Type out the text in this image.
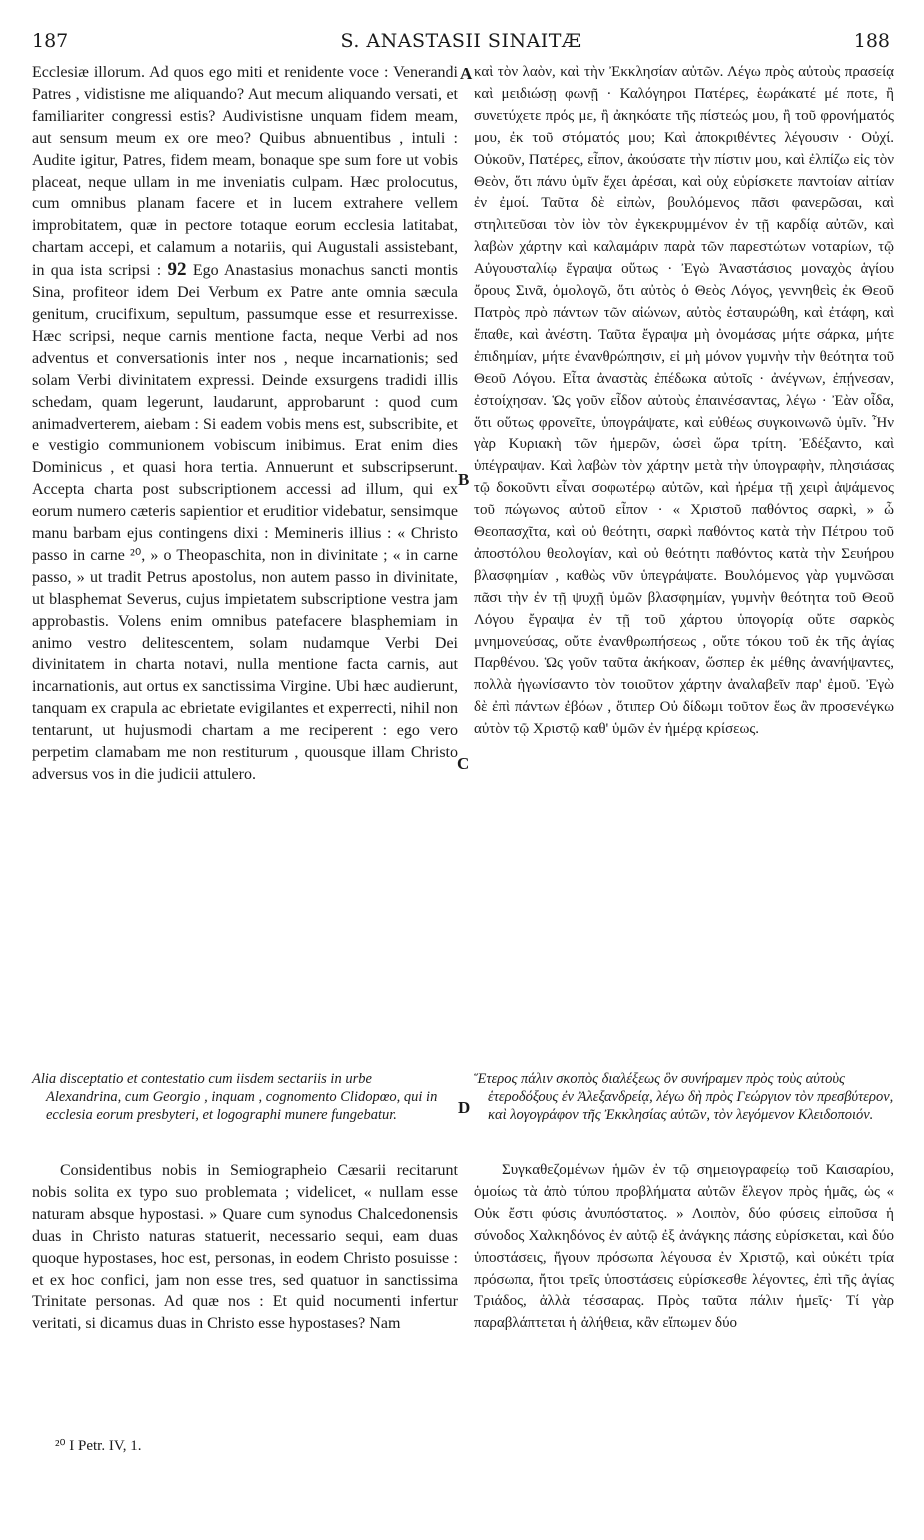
187	S. ANASTASII SINAITÆ	188
A
B
C
D

Ecclesiæ illorum. Ad quos ego miti et renidente voce : Venerandi Patres , vidistisne me aliquando? Aut mecum aliquando versati, et familiariter congressi estis? Audivistisne unquam fidem meam, aut sensum meum ex ore meo? Quibus abnuentibus , intuli : Audite igitur, Patres, fidem meam, bonaque spe sum fore ut vobis placeat, neque ullam in me inveniatis culpam. Hæc prolocutus, cum omnibus planam facere et in lucem extrahere vellem improbitatem, quæ in pectore totaque eorum ecclesia latitabat, chartam accepi, et calamum a notariis, qui Augustali assistebant, in qua ista scripsi : 92 Ego Anastasius monachus sancti montis Sina, profiteor idem Dei Verbum ex Patre ante omnia sæcula genitum, crucifixum, sepultum, passumque esse et resurrexisse. Hæc scripsi, neque carnis mentione facta, neque Verbi ad nos adventus et conversationis inter nos , neque incarnationis; sed solam Verbi divinitatem expressi. Deinde exsurgens tradidi illis schedam, quam legerunt, laudarunt, approbarunt : quod cum animadverterem, aiebam : Si eadem vobis mens est, subscribite, et e vestigio communionem vobiscum inibimus. Erat enim dies Dominicus , et quasi hora tertia. Annuerunt et subscripserunt. Accepta charta post subscriptionem accessi ad illum, qui ex eorum numero cæteris sapientior et eruditior videbatur, sensimque manu barbam ejus contingens dixi : Memineris illius : « Christo passo in carne ²⁰, » o Theopaschita, non in divinitate ; « in carne passo, » ut tradit Petrus apostolus, non autem passo in divinitate, ut blasphemat Severus, cujus impietatem subscriptione vestra jam approbastis. Volens enim omnibus patefacere blasphemiam in animo vestro delitescentem, solam nudamque Verbi Dei divinitatem in charta notavi, nulla mentione facta carnis, aut incarnationis, aut ortus ex sanctissima Virgine. Ubi hæc audierunt, tanquam ex crapula ac ebrietate evigilantes et experrecti, nihil non tentarunt, ut hujusmodi chartam a me reciperent : ego vero perpetim clamabam me non restiturum , quousque illam Christo adversus vos in die judicii attulero.

καὶ τὸν λαὸν, καὶ τὴν Ἐκκλησίαν αὐτῶν. Λέγω πρὸς αὐτοὺς πρασείᾳ καὶ μειδιώσῃ φωνῇ · Καλόγηροι Πατέρες, ἑωράκατέ μέ ποτε, ἢ συνετύχετε πρός με, ἢ ἀκηκόατε τῆς πίστεώς μου, ἢ τοῦ φρονήματός μου, ἐκ τοῦ στόματός μου; Καὶ ἀποκριθέντες λέγουσιν · Οὐχί. Οὐκοῦν, Πατέρες, εἶπον, ἀκούσατε τὴν πίστιν μου, καὶ ἐλπίζω εἰς τὸν Θεὸν, ὅτι πάνυ ὑμῖν ἔχει ἀρέσαι, καὶ οὐχ εὑρίσκετε παντοίαν αἰτίαν ἐν ἐμοί. Ταῦτα δὲ εἰπὼν, βουλόμενος πᾶσι φανερῶσαι, καὶ στηλιτεῦσαι τὸν ἰὸν τὸν ἐγκεκρυμμένον ἐν τῇ καρδίᾳ αὐτῶν, καὶ λαβὼν χάρτην καὶ καλαμάριν παρὰ τῶν παρεστώτων νοταρίων, τῷ Αὐγουσταλίῳ ἔγραψα οὕτως · Ἐγὼ Ἀναστάσιος μοναχὸς ἁγίου ὄρους Σινᾶ, ὁμολογῶ, ὅτι αὐτὸς ὁ Θεὸς Λόγος, γεννηθεὶς ἐκ Θεοῦ Πατρὸς πρὸ πάντων τῶν αἰώνων, αὐτὸς ἐσταυρώθη, καὶ ἐτάφη, καὶ ἔπαθε, καὶ ἀνέστη. Ταῦτα ἔγραψα μὴ ὀνομάσας μήτε σάρκα, μήτε ἐπιδημίαν, μήτε ἐνανθρώπησιν, εἰ μὴ μόνον γυμνὴν τὴν θεότητα τοῦ Θεοῦ Λόγου. Εἶτα ἀναστὰς ἐπέδωκα αὐτοῖς · ἀνέγνων, ἐπῄνεσαν, ἐστοίχησαν. Ὡς γοῦν εἶδον αὐτοὺς ἐπαινέσαντας, λέγω · Ἐὰν οἶδα, ὅτι οὕτως φρονεῖτε, ὑπογράψατε, καὶ εὐθέως συγκοινωνῶ ὑμῖν. Ἦν γὰρ Κυριακὴ τῶν ἡμερῶν, ὡσεὶ ὥρα τρίτη. Ἐδέξαντο, καὶ ὑπέγραψαν. Καὶ λαβὼν τὸν χάρτην μετὰ τὴν ὑπογραφὴν, πλησιάσας τῷ δοκοῦντι εἶναι σοφωτέρῳ αὐτῶν, καὶ ἠρέμα τῇ χειρὶ ἁψάμενος τοῦ πώγωνος αὐτοῦ εἶπον · « Χριστοῦ παθόντος σαρκὶ, » ὦ Θεοπασχῖτα, καὶ οὐ θεότητι, σαρκὶ παθόντος κατὰ τὴν Πέτρου τοῦ ἀποστόλου θεολογίαν, καὶ οὐ θεότητι παθόντος κατὰ τὴν Σευήρου βλασφημίαν , καθὼς νῦν ὑπεγράψατε. Βουλόμενος γὰρ γυμνῶσαι πᾶσι τὴν ἐν τῇ ψυχῇ ὑμῶν βλασφημίαν, γυμνὴν θεότητα τοῦ Θεοῦ Λόγου ἔγραψα ἐν τῇ τοῦ χάρτου ὑπογορίᾳ οὔτε σαρκὸς μνημονεύσας, οὔτε ἐνανθρωπήσεως , οὔτε τόκου τοῦ ἐκ τῆς ἁγίας Παρθένου. Ὡς γοῦν ταῦτα ἀκήκοαν, ὥσπερ ἐκ μέθης ἀνανήψαντες, πολλὰ ἠγωνίσαντο τὸν τοιοῦτον χάρτην ἀναλαβεῖν παρ' ἐμοῦ. Ἐγὼ δὲ ἐπὶ πάντων ἐβόων , ὅτιπερ Οὐ δίδωμι τοῦτον ἕως ἂν προσενέγκω αὐτὸν τῷ Χριστῷ καθ' ὑμῶν ἐν ἡμέρᾳ κρίσεως.

Alia disceptatio et contestatio cum iisdem sectariis in urbe Alexandrina, cum Georgio , inquam , cognomento Clidopœo, qui in ecclesia eorum presbyteri, et logographi munere fungebatur.
Ἕτερος πάλιν σκοπὸς διαλέξεως ὃν συνήραμεν πρὸς τοὺς αὐτοὺς ἑτεροδόξους ἐν Ἀλεξανδρείᾳ, λέγω δὴ πρὸς Γεώργιον τὸν πρεσβύτερον, καὶ λογογράφον τῆς Ἐκκλησίας αὐτῶν, τὸν λεγόμενον Κλειδοποιόν.

Considentibus nobis in Semiographeio Cæsarii recitarunt nobis solita ex typo suo problemata ; videlicet, « nullam esse naturam absque hypostasi. » Quare cum synodus Chalcedonensis duas in Christo naturas statuerit, necessario sequi, eam duas quoque hypostases, hoc est, personas, in eodem Christo posuisse : et ex hoc confici, jam non esse tres, sed quatuor in sanctissima Trinitate personas. Ad quæ nos : Et quid nocumenti infertur veritati, si dicamus duas in Christo esse hypostases? Nam

Συγκαθεζομένων ἡμῶν ἐν τῷ σημειογραφείῳ τοῦ Καισαρίου, ὁμοίως τὰ ἀπὸ τύπου προβλήματα αὐτῶν ἔλεγον πρὸς ἡμᾶς, ὡς « Οὐκ ἔστι φύσις ἀνυπόστατος. » Λοιπὸν, δύο φύσεις εἰποῦσα ἡ σύνοδος Χαλκηδόνος ἐν αὐτῷ ἐξ ἀνάγκης πάσης εὑρίσκεται, καὶ δύο ὑποστάσεις, ἤγουν πρόσωπα λέγουσα ἐν Χριστῷ, καὶ οὐκέτι τρία πρόσωπα, ἤτοι τρεῖς ὑποστάσεις εὑρίσκεσθε λέγοντες, ἐπὶ τῆς ἁγίας Τριάδος, ἀλλὰ τέσσαρας. Πρὸς ταῦτα πάλιν ἡμεῖς· Τί γὰρ παραβλάπτεται ἡ ἀλήθεια, κἂν εἴπωμεν δύο

²⁰ I Petr. IV, 1.
